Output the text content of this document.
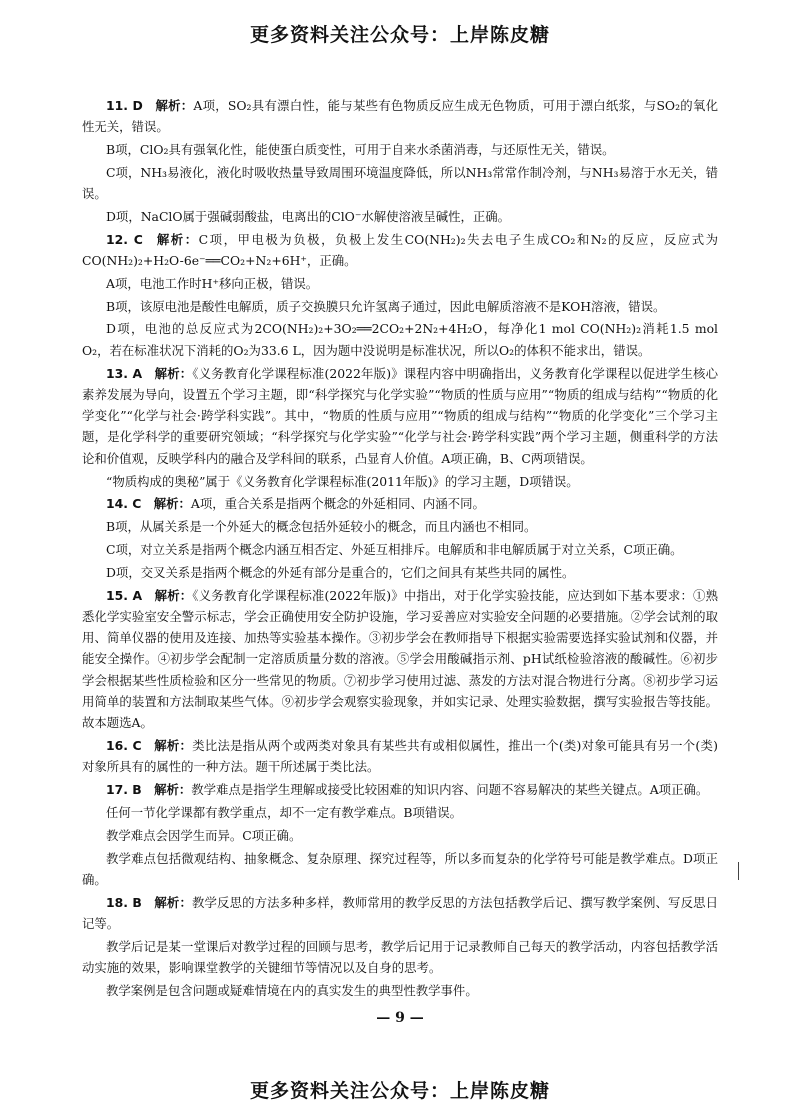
更多资料关注公众号：上岸陈皮糖

11. D  解析：A项，SO₂具有漂白性，能与某些有色物质反应生成无色物质，可用于漂白纸浆，与SO₂的氧化性无关，错误。

B项，ClO₂具有强氧化性，能使蛋白质变性，可用于自来水杀菌消毒，与还原性无关，错误。

C项，NH₃易液化，液化时吸收热量导致周围环境温度降低，所以NH₃常常作制冷剂，与NH₃易溶于水无关，错误。

D项，NaClO属于强碱弱酸盐，电离出的ClO⁻水解使溶液呈碱性，正确。

12. C  解析：C项，甲电极为负极，负极上发生CO(NH₂)₂失去电子生成CO₂和N₂的反应，反应式为CO(NH₂)₂+H₂O-6e⁻══CO₂+N₂+6H⁺，正确。

A项，电池工作时H⁺移向正极，错误。

B项，该原电池是酸性电解质，质子交换膜只允许氢离子通过，因此电解质溶液不是KOH溶液，错误。

D项，电池的总反应式为2CO(NH₂)₂+3O₂══2CO₂+2N₂+4H₂O，每净化1 mol CO(NH₂)₂消耗1.5 mol O₂，若在标准状况下消耗的O₂为33.6 L，因为题中没说明是标准状况，所以O₂的体积不能求出，错误。

13. A  解析：《义务教育化学课程标准(2022年版)》课程内容中明确指出，义务教育化学课程以促进学生核心素养发展为导向，设置五个学习主题，即“科学探究与化学实验”“物质的性质与应用”“物质的组成与结构”“物质的化学变化”“化学与社会·跨学科实践”。其中，“物质的性质与应用”“物质的组成与结构”“物质的化学变化”三个学习主题，是化学科学的重要研究领域；“科学探究与化学实验”“化学与社会·跨学科实践”两个学习主题，侧重科学的方法论和价值观，反映学科内的融合及学科间的联系，凸显育人价值。A项正确，B、C两项错误。

“物质构成的奥秘”属于《义务教育化学课程标准(2011年版)》的学习主题，D项错误。

14. C  解析：A项，重合关系是指两个概念的外延相同、内涵不同。

B项，从属关系是一个外延大的概念包括外延较小的概念，而且内涵也不相同。

C项，对立关系是指两个概念内涵互相否定、外延互相排斥。电解质和非电解质属于对立关系，C项正确。

D项，交叉关系是指两个概念的外延有部分是重合的，它们之间具有某些共同的属性。

15. A  解析：《义务教育化学课程标准(2022年版)》中指出，对于化学实验技能，应达到如下基本要求：①熟悉化学实验室安全警示标志，学会正确使用安全防护设施，学习妥善应对实验安全问题的必要措施。②学会试剂的取用、简单仪器的使用及连接、加热等实验基本操作。③初步学会在教师指导下根据实验需要选择实验试剂和仪器，并能安全操作。④初步学会配制一定溶质质量分数的溶液。⑤学会用酸碱指示剂、pH试纸检验溶液的酸碱性。⑥初步学会根据某些性质检验和区分一些常见的物质。⑦初步学习使用过滤、蒸发的方法对混合物进行分离。⑧初步学习运用简单的装置和方法制取某些气体。⑨初步学会观察实验现象，并如实记录、处理实验数据，撰写实验报告等技能。故本题选A。

16. C  解析：类比法是指从两个或两类对象具有某些共有或相似属性，推出一个(类)对象可能具有另一个(类)对象所具有的属性的一种方法。题干所述属于类比法。

17. B  解析：教学难点是指学生理解或接受比较困难的知识内容、问题不容易解决的某些关键点。A项正确。

任何一节化学课都有教学重点，却不一定有教学难点。B项错误。

教学难点会因学生而异。C项正确。

教学难点包括微观结构、抽象概念、复杂原理、探究过程等，所以多而复杂的化学符号可能是教学难点。D项正确。

18. B  解析：教学反思的方法多种多样，教师常用的教学反思的方法包括教学后记、撰写教学案例、写反思日记等。

教学后记是某一堂课后对教学过程的回顾与思考，教学后记用于记录教师自己每天的教学活动，内容包括教学活动实施的效果，影响课堂教学的关键细节等情况以及自身的思考。

教学案例是包含问题或疑难情境在内的真实发生的典型性教学事件。

— 9 —
更多资料关注公众号：上岸陈皮糖
